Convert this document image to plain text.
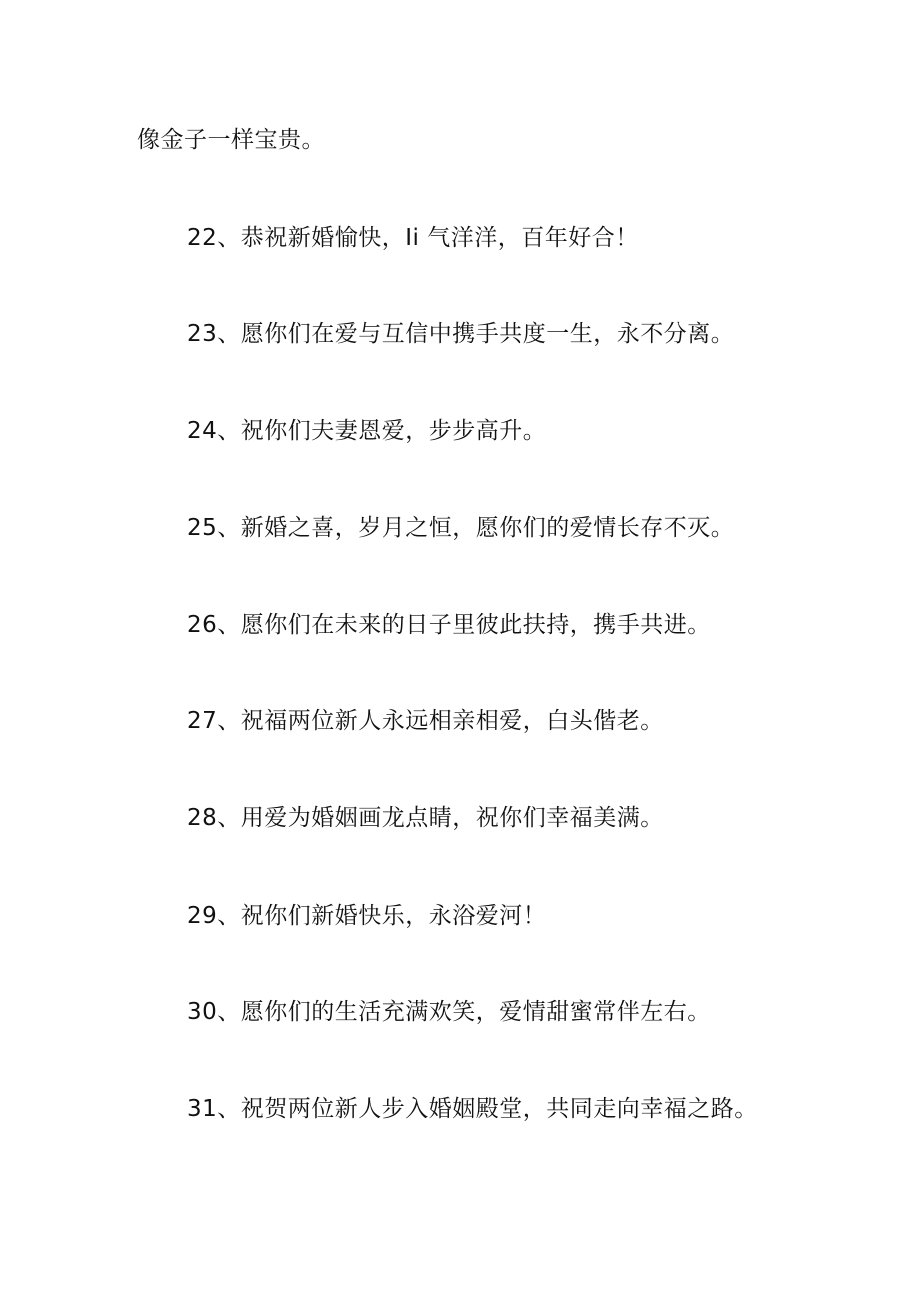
像金子一样宝贵。

22、恭祝新婚愉快，Ii 气洋洋，百年好合！

23、愿你们在爱与互信中携手共度一生，永不分离。

24、祝你们夫妻恩爱，步步高升。

25、新婚之喜，岁月之恒，愿你们的爱情长存不灭。

26、愿你们在未来的日子里彼此扶持，携手共进。

27、祝福两位新人永远相亲相爱，白头偕老。

28、用爱为婚姻画龙点睛，祝你们幸福美满。

29、祝你们新婚快乐，永浴爱河！

30、愿你们的生活充满欢笑，爱情甜蜜常伴左右。

31、祝贺两位新人步入婚姻殿堂，共同走向幸福之路。
